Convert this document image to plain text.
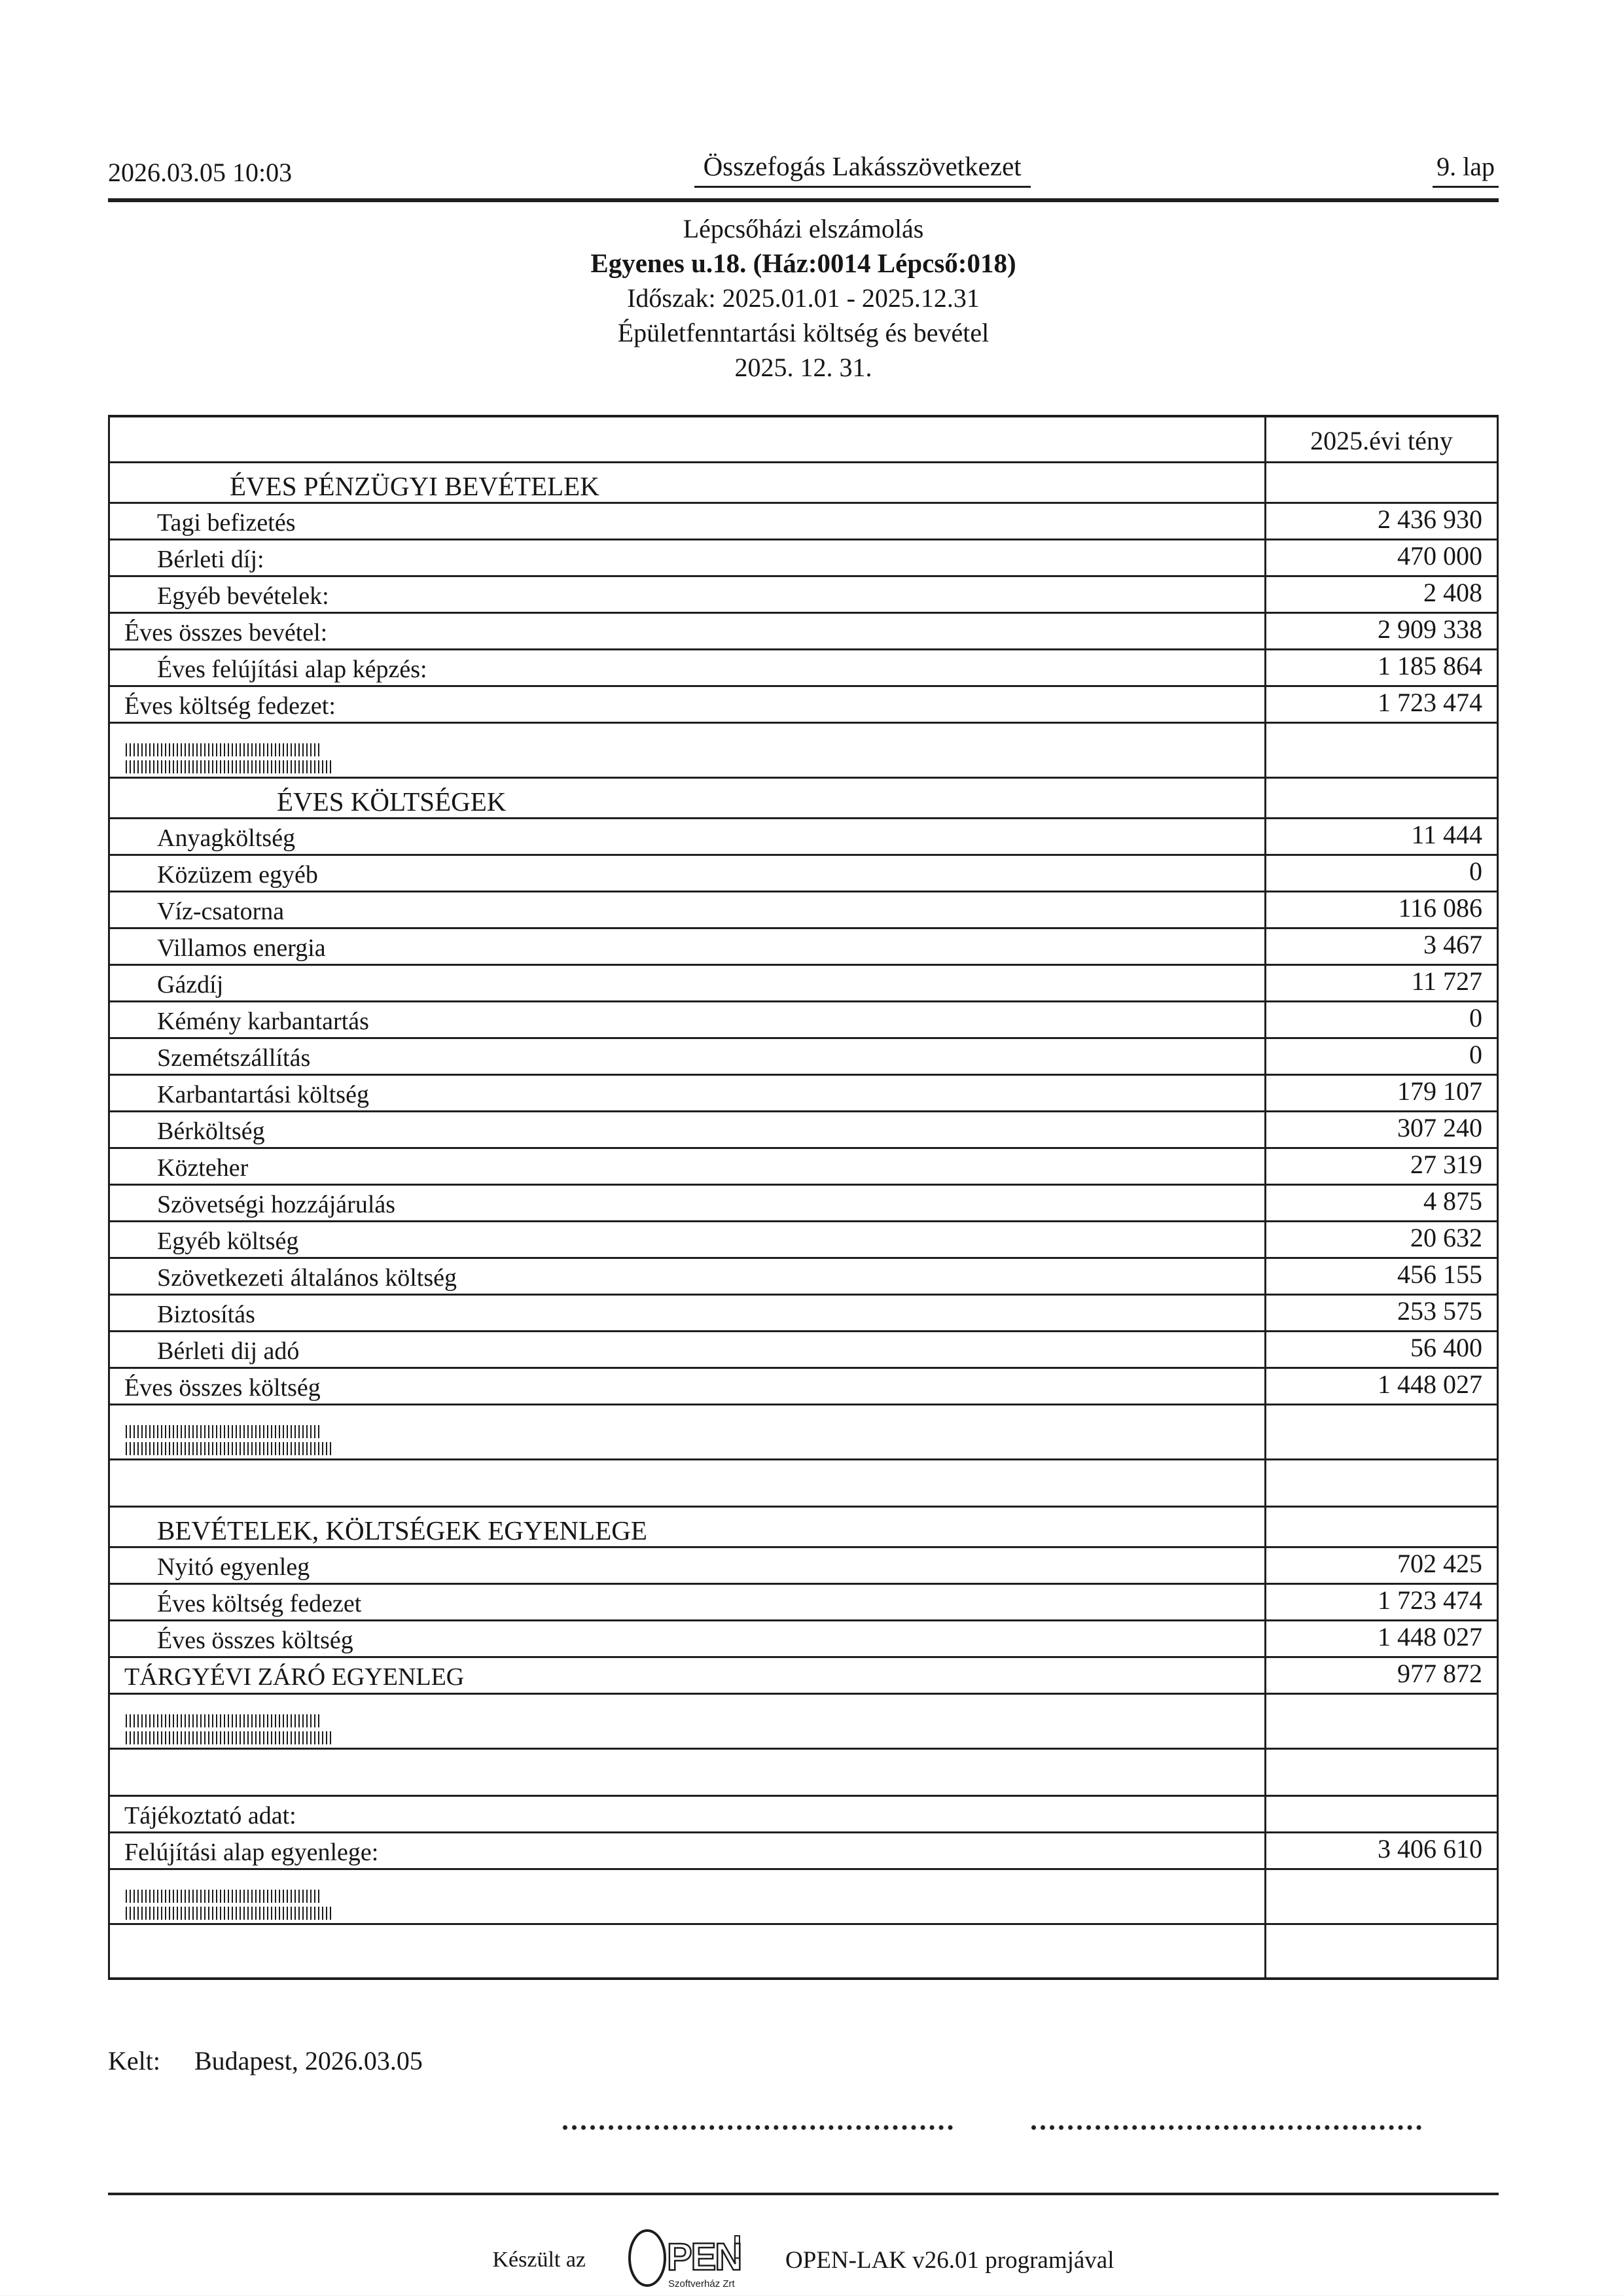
2026.03.05 10:03	Összefogás Lakásszövetkezet	9. lap
Lépcsőházi elszámolás
Egyenes u.18. (Ház:0014 Lépcső:018)
Időszak: 2025.01.01 - 2025.12.31
Épületfenntartási költség és bevétel
2025. 12. 31.
2025.évi tény
ÉVES PÉNZÜGYI BEVÉTELEK
Tagi befizetés	2 436 930
Bérleti díj:	470 000
Egyéb bevételek:	2 408
Éves összes bevétel:	2 909 338
Éves felújítási alap képzés:	1 185 864
Éves költség fedezet:	1 723 474
ÉVES KÖLTSÉGEK
Anyagköltség	11 444
Közüzem egyéb	0
Víz-csatorna	116 086
Villamos energia	3 467
Gázdíj	11 727
Kémény karbantartás	0
Szemétszállítás	0
Karbantartási költség	179 107
Bérköltség	307 240
Közteher	27 319
Szövetségi hozzájárulás	4 875
Egyéb költség	20 632
Szövetkezeti általános költség	456 155
Biztosítás	253 575
Bérleti dij adó	56 400
Éves összes költség	1 448 027
BEVÉTELEK, KÖLTSÉGEK EGYENLEGE
Nyitó egyenleg	702 425
Éves költség fedezet	1 723 474
Éves összes költség	1 448 027
TÁRGYÉVI ZÁRÓ EGYENLEG	977 872
Tájékoztató adat:
Felújítási alap egyenlege:	3 406 610
Kelt: Budapest, 2026.03.05
Készült az PEN
Szoftverház Zrt
OPEN-LAK v26.01 programjával
